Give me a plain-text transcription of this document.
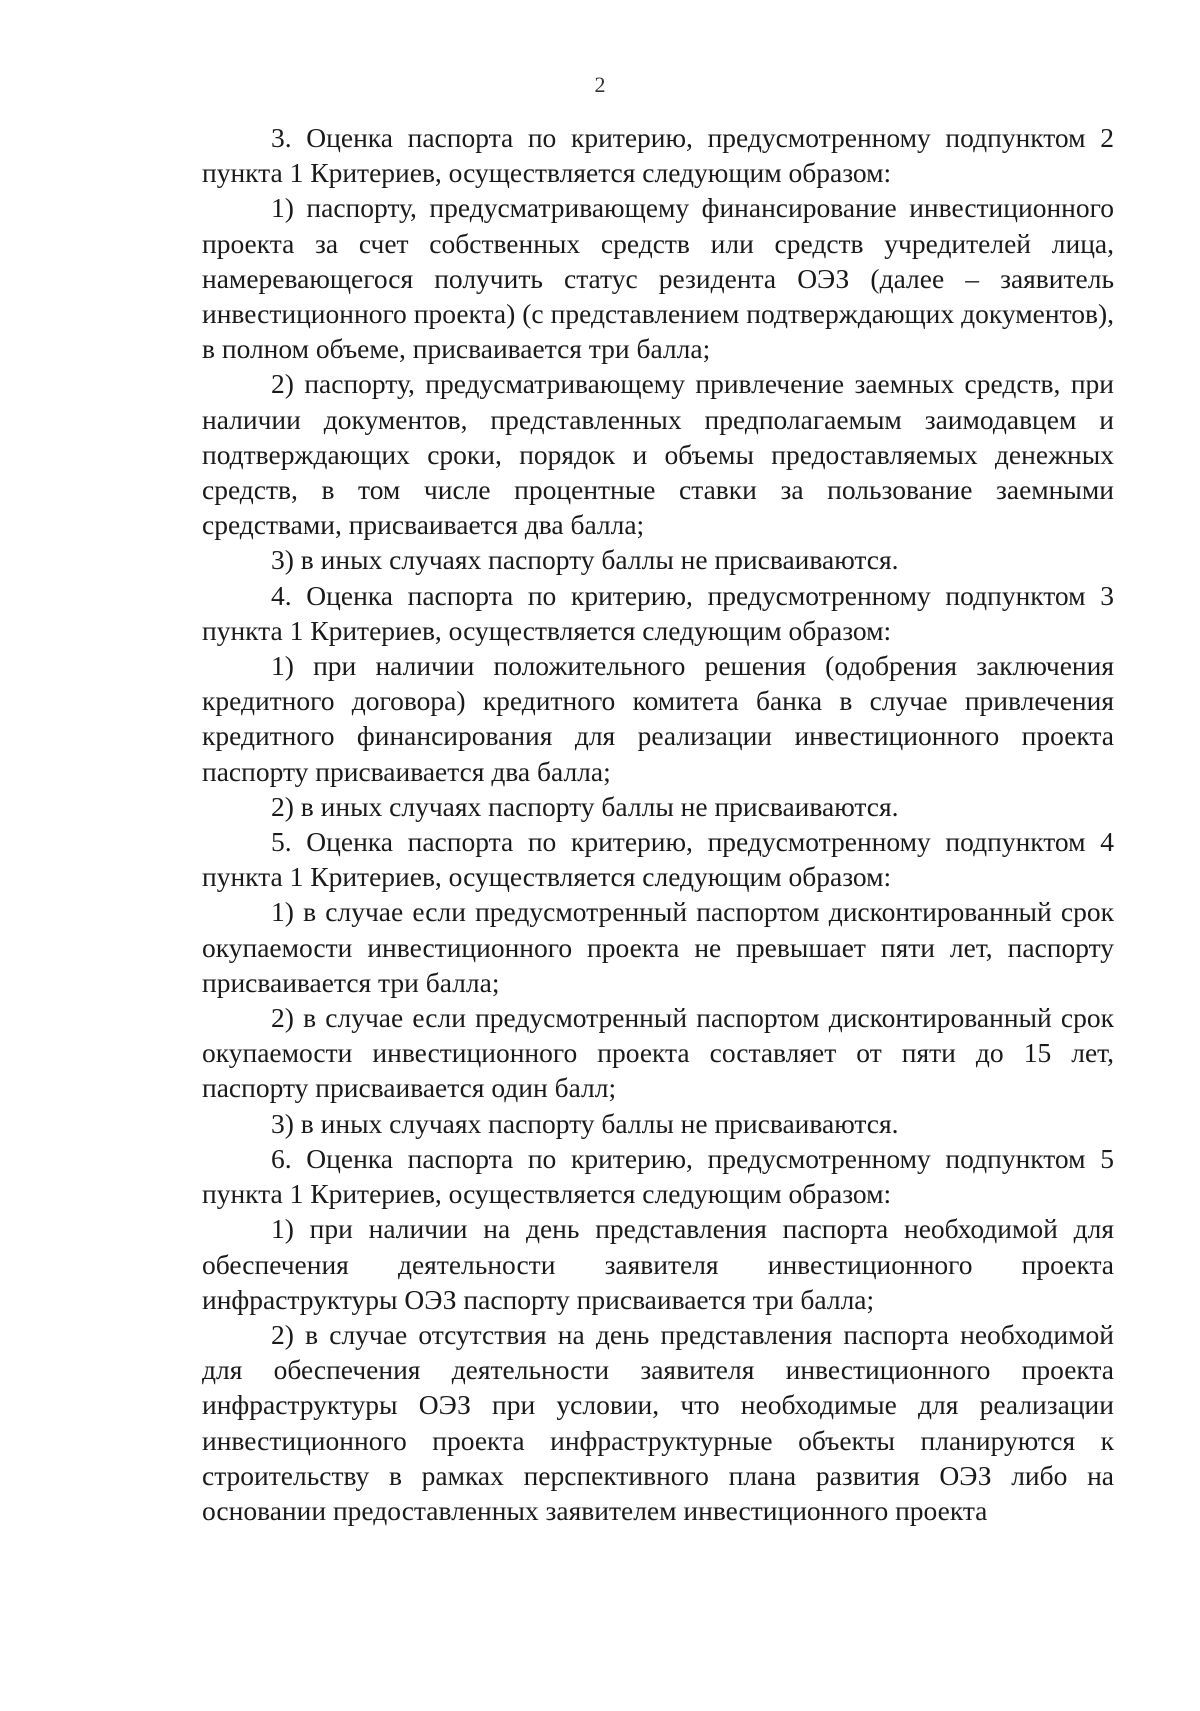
2

3. Оценка паспорта по критерию, предусмотренному подпунктом 2 пункта 1 Критериев, осуществляется следующим образом:

1) паспорту, предусматривающему финансирование инвестиционного проекта за счет собственных средств или средств учредителей лица, намеревающегося получить статус резидента ОЭЗ (далее – заявитель инвестиционного проекта) (с представлением подтверждающих документов), в полном объеме, присваивается три балла;

2) паспорту, предусматривающему привлечение заемных средств, при наличии документов, представленных предполагаемым заимодавцем и подтверждающих сроки, порядок и объемы предоставляемых денежных средств, в том числе процентные ставки за пользование заемными средствами, присваивается два балла;

3) в иных случаях паспорту баллы не присваиваются.

4. Оценка паспорта по критерию, предусмотренному подпунктом 3 пункта 1 Критериев, осуществляется следующим образом:

1) при наличии положительного решения (одобрения заключения кредитного договора) кредитного комитета банка в случае привлечения кредитного финансирования для реализации инвестиционного проекта паспорту присваивается два балла;

2) в иных случаях паспорту баллы не присваиваются.

5. Оценка паспорта по критерию, предусмотренному подпунктом 4 пункта 1 Критериев, осуществляется следующим образом:

1) в случае если предусмотренный паспортом дисконтированный срок окупаемости инвестиционного проекта не превышает пяти лет, паспорту присваивается три балла;

2) в случае если предусмотренный паспортом дисконтированный срок окупаемости инвестиционного проекта составляет от пяти до 15 лет, паспорту присваивается один балл;

3) в иных случаях паспорту баллы не присваиваются.

6. Оценка паспорта по критерию, предусмотренному подпунктом 5 пункта 1 Критериев, осуществляется следующим образом:

1) при наличии на день представления паспорта необходимой для обеспечения деятельности заявителя инвестиционного проекта инфраструктуры ОЭЗ паспорту присваивается три балла;

2) в случае отсутствия на день представления паспорта необходимой для обеспечения деятельности заявителя инвестиционного проекта инфраструктуры ОЭЗ при условии, что необходимые для реализации инвестиционного проекта инфраструктурные объекты планируются к строительству в рамках перспективного плана развития ОЭЗ либо на основании предоставленных заявителем инвестиционного проекта
